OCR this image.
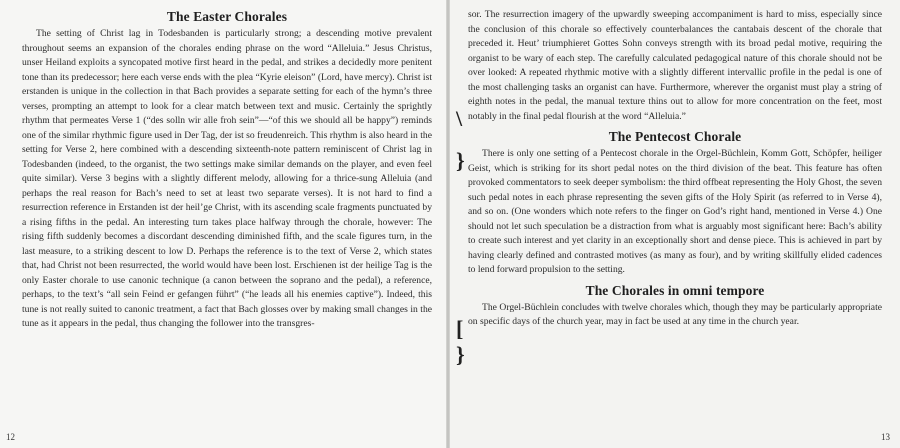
The Easter Chorales

The setting of Christ lag in Todesbanden is particularly strong; a descending motive prevalent throughout seems an expansion of the chorales ending phrase on the word “Alleluia.” Jesus Christus, unser Heiland exploits a syncopated motive first heard in the pedal, and strikes a decidedly more penitent tone than its predecessor; here each verse ends with the plea “Kyrie eleison” (Lord, have mercy). Christ ist erstanden is unique in the collection in that Bach provides a separate setting for each of the hymn’s three verses, prompting an attempt to look for a clear match between text and music. Certainly the sprightly rhythm that permeates Verse 1 (“des solln wir alle froh sein”—“of this we should all be happy”) reminds one of the similar rhythmic figure used in Der Tag, der ist so freudenreich. This rhythm is also heard in the setting for Verse 2, here combined with a descending sixteenth-note pattern reminiscent of Christ lag in Todesbanden (indeed, to the organist, the two settings make similar demands on the player, and even feel quite similar). Verse 3 begins with a slightly different melody, allowing for a thrice-sung Alleluia (and perhaps the real reason for Bach’s need to set at least two separate verses). It is not hard to find a resurrection reference in Erstanden ist der heil’ge Christ, with its ascending scale fragments punctuated by a rising fifths in the pedal. An interesting turn takes place halfway through the chorale, however: The rising fifth suddenly becomes a discordant descending diminished fifth, and the scale figures turn, in the last measure, to a striking descent to low D. Perhaps the reference is to the text of Verse 2, which states that, had Christ not been resurrected, the world would have been lost. Erschienen ist der heilige Tag is the only Easter chorale to use canonic technique (a canon between the soprano and the pedal), a reference, perhaps, to the text’s “all sein Feind er gefangen führt” (“he leads all his enemies captive”). Indeed, this tune is not really suited to canonic treatment, a fact that Bach glosses over by making small changes in the tune as it appears in the pedal, thus changing the follower into the transgres-

12

sor. The resurrection imagery of the upwardly sweeping accompaniment is hard to miss, especially since the conclusion of this chorale so effectively counterbalances the cantabais descent of the chorale that preceded it. Heut’ triumphieret Gottes Sohn conveys strength with its broad pedal motive, requiring the organist to be wary of each step. The carefully calculated pedagogical nature of this chorale should not be over looked: A repeated rhythmic motive with a slightly different intervallic profile in the pedal is one of the most challenging tasks an organist can have. Furthermore, wherever the organist must play a string of eighth notes in the pedal, the manual texture thins out to allow for more concentration on the feet, most notably in the final pedal flourish at the word “Alleluia.”

The Pentecost Chorale

There is only one setting of a Pentecost chorale in the Orgel-Büchlein, Komm Gott, Schöpfer, heiliger Geist, which is striking for its short pedal notes on the third division of the beat. This feature has often provoked commentators to seek deeper symbolism: the third offbeat representing the Holy Ghost, the seven such pedal notes in each phrase representing the seven gifts of the Holy Spirit (as referred to in Verse 4), and so on. (One wonders which note refers to the finger on God’s right hand, mentioned in Verse 4.) One should not let such speculation be a distraction from what is arguably most significant here: Bach’s ability to create such interest and yet clarity in an exceptionally short and dense piece. This is achieved in part by having clearly defined and contrasted motives (as many as four), and by writing skillfully elided cadences to lend forward propulsion to the setting.

The Chorales in omni tempore

The Orgel-Büchlein concludes with twelve chorales which, though they may be particularly appropriate on specific days of the church year, may in fact be used at any time in the church year.

13
\
}
[
}
